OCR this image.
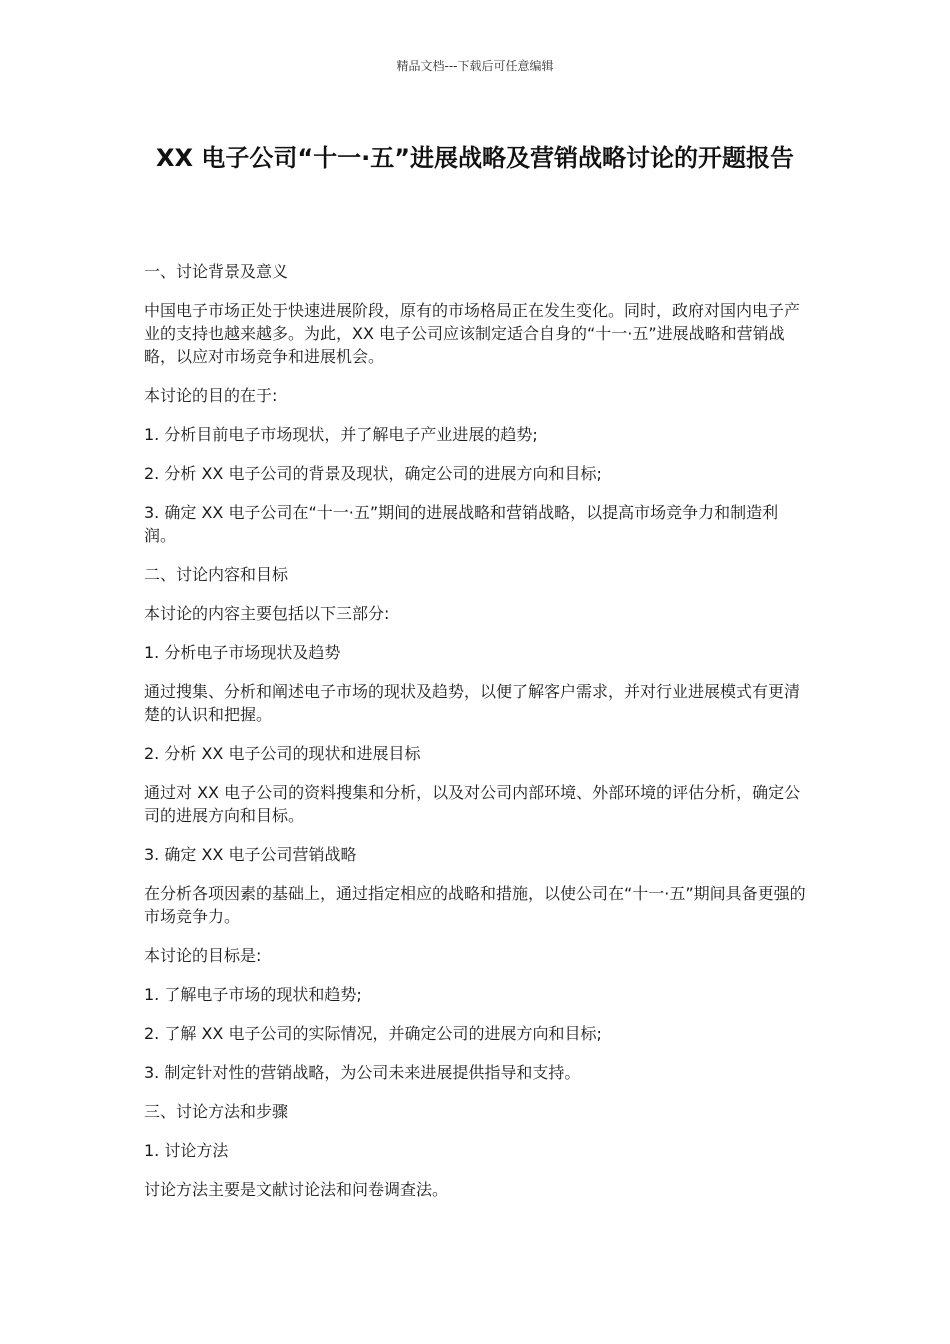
精品文档---下载后可任意编辑
XX 电子公司“十一·五”进展战略及营销战略讨论的开题报告

一、讨论背景及意义

中国电子市场正处于快速进展阶段，原有的市场格局正在发生变化。同时，政府对国内电子产业的支持也越来越多。为此，XX 电子公司应该制定适合自身的“十一·五”进展战略和营销战略，以应对市场竞争和进展机会。

本讨论的目的在于:

1. 分析目前电子市场现状，并了解电子产业进展的趋势;

2. 分析 XX 电子公司的背景及现状，确定公司的进展方向和目标;

3. 确定 XX 电子公司在“十一·五”期间的进展战略和营销战略，以提高市场竞争力和制造利润。

二、讨论内容和目标

本讨论的内容主要包括以下三部分:

1. 分析电子市场现状及趋势

通过搜集、分析和阐述电子市场的现状及趋势，以便了解客户需求，并对行业进展模式有更清楚的认识和把握。

2. 分析 XX 电子公司的现状和进展目标

通过对 XX 电子公司的资料搜集和分析，以及对公司内部环境、外部环境的评估分析，确定公司的进展方向和目标。

3. 确定 XX 电子公司营销战略

在分析各项因素的基础上，通过指定相应的战略和措施，以使公司在“十一·五”期间具备更强的市场竞争力。

本讨论的目标是:

1. 了解电子市场的现状和趋势;

2. 了解 XX 电子公司的实际情况，并确定公司的进展方向和目标;

3. 制定针对性的营销战略，为公司未来进展提供指导和支持。

三、讨论方法和步骤

1. 讨论方法

讨论方法主要是文献讨论法和问卷调查法。
